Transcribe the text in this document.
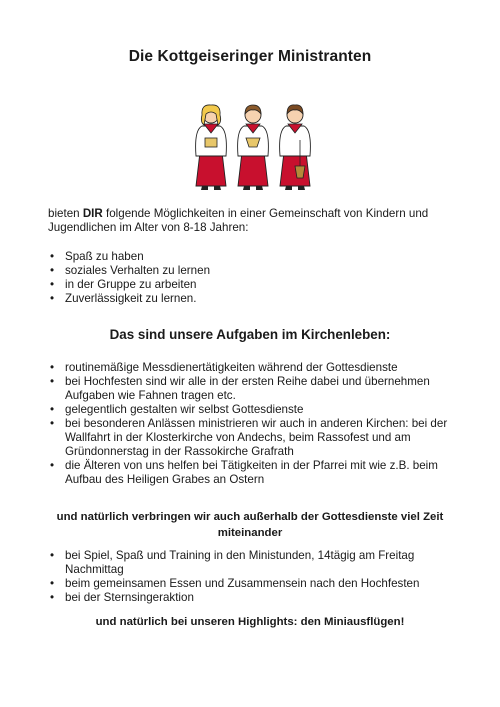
Die Kottgeiseringer Ministranten

bieten DIR folgende Möglichkeiten in einer Gemeinschaft von Kindern und Jugendlichen im Alter von 8-18 Jahren:

• Spaß zu haben
• soziales Verhalten zu lernen
• in der Gruppe zu arbeiten
• Zuverlässigkeit zu lernen.
Das sind unsere Aufgaben im Kirchenleben:
• routinemäßige Messdienertätigkeiten während der Gottesdienste
• bei Hochfesten sind wir alle in der ersten Reihe dabei und übernehmen Aufgaben wie Fahnen tragen etc.
• gelegentlich gestalten wir selbst Gottesdienste
• bei besonderen Anlässen ministrieren wir auch in anderen Kirchen: bei der Wallfahrt in der Klosterkirche von Andechs, beim Rassofest und am Gründonnerstag in der Rassokirche Grafrath
• die Älteren von uns helfen bei Tätigkeiten in der Pfarrei mit wie z.B. beim Aufbau des Heiligen Grabes an Ostern
und natürlich verbringen wir auch außerhalb der Gottesdienste viel Zeit miteinander
• bei Spiel, Spaß und Training in den Ministunden, 14tägig am Freitag Nachmittag
• beim gemeinsamen Essen und Zusammensein nach den Hochfesten
• bei der Sternsingeraktion
und natürlich bei unseren Highlights: den Miniausflügen!
